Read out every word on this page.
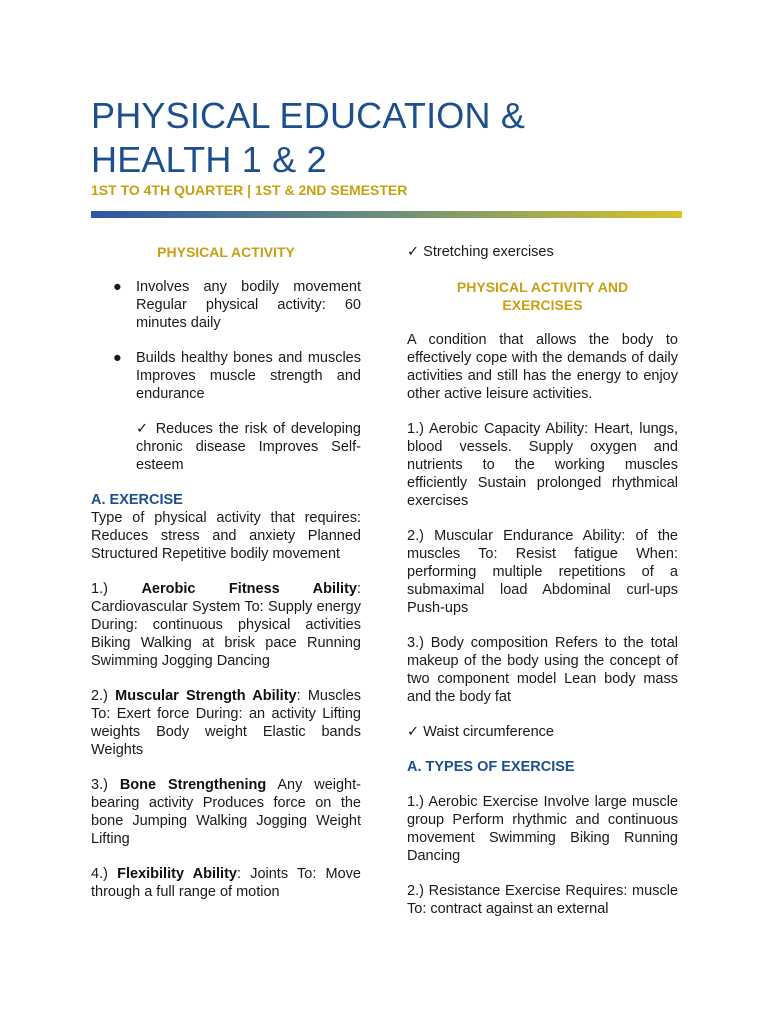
PHYSICAL EDUCATION &
HEALTH 1 & 2

1ST TO 4TH QUARTER | 1ST & 2ND SEMESTER

PHYSICAL ACTIVITY

● Involves any bodily movement Regular physical activity: 60 minutes daily
● Builds healthy bones and muscles Improves muscle strength and endurance

✓ Reduces the risk of developing chronic disease Improves Self-esteem

A. EXERCISE

Type of physical activity that requires: Reduces stress and anxiety Planned Structured Repetitive bodily movement

1.) Aerobic Fitness Ability: Cardiovascular System To: Supply energy During: continuous physical activities Biking Walking at brisk pace Running Swimming Jogging Dancing

2.) Muscular Strength Ability: Muscles To: Exert force During: an activity Lifting weights Body weight Elastic bands Weights

3.) Bone Strengthening Any weight-bearing activity Produces force on the bone Jumping Walking Jogging Weight Lifting

4.) Flexibility Ability: Joints To: Move through a full range of motion

✓ Stretching exercises

PHYSICAL ACTIVITY AND
EXERCISES

A condition that allows the body to effectively cope with the demands of daily activities and still has the energy to enjoy other active leisure activities.

1.) Aerobic Capacity Ability: Heart, lungs, blood vessels. Supply oxygen and nutrients to the working muscles efficiently Sustain prolonged rhythmical exercises

2.) Muscular Endurance Ability: of the muscles To: Resist fatigue When: performing multiple repetitions of a submaximal load Abdominal curl-ups Push-ups

3.) Body composition Refers to the total makeup of the body using the concept of two component model Lean body mass and the body fat

✓ Waist circumference

A. TYPES OF EXERCISE

1.) Aerobic Exercise Involve large muscle group Perform rhythmic and continuous movement Swimming Biking Running Dancing

2.) Resistance Exercise Requires: muscle To: contract against an external
